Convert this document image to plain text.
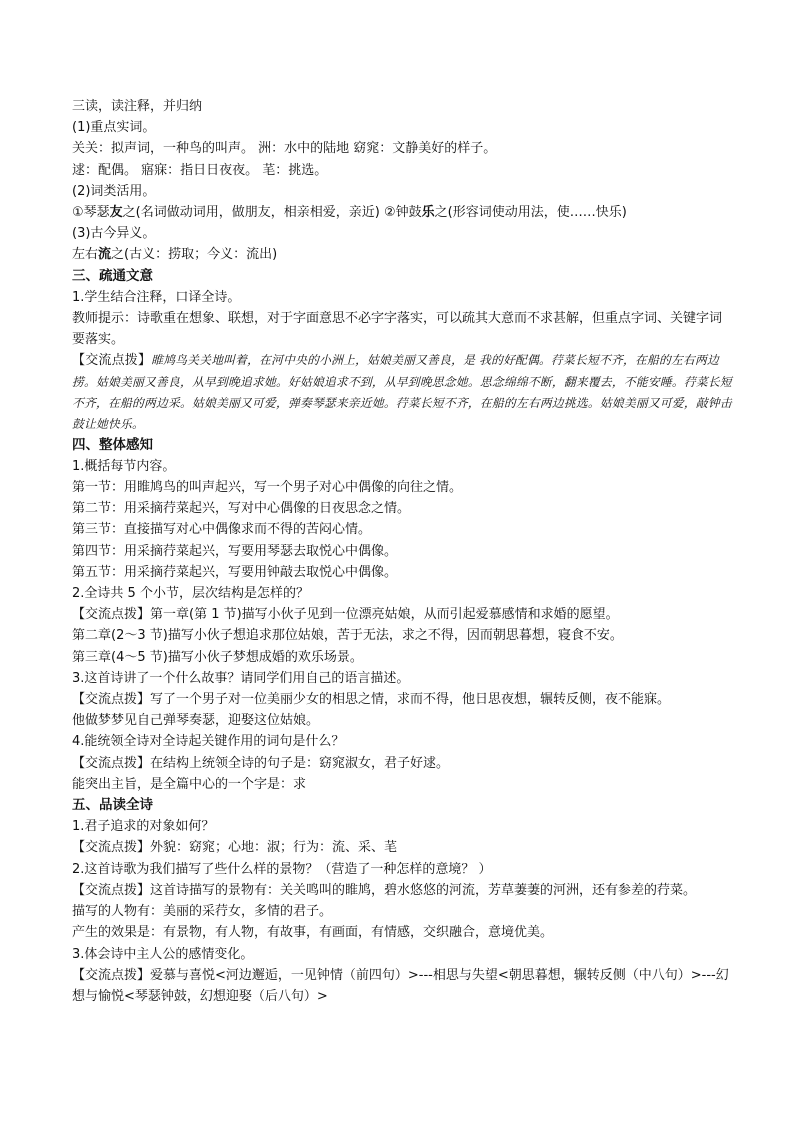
三读，读注释，并归纳

(1)重点实词。

关关：拟声词，一种鸟的叫声。 洲：水中的陆地 窈窕：文静美好的样子。

逑：配偶。 寤寐：指日日夜夜。 芼：挑选。

(2)词类活用。

①琴瑟友之(名词做动词用，做朋友，相亲相爱，亲近) ②钟鼓乐之(形容词使动用法，使……快乐)

(3)古今异义。

左右流之(古义：捞取；今义：流出)

三、疏通文意

1.学生结合注释，口译全诗。

教师提示：诗歌重在想象、联想，对于字面意思不必字字落实，可以疏其大意而不求甚解，但重点字词、关键字词要落实。

【交流点拨】睢鸠鸟关关地叫着，在河中央的小洲上，姑娘美丽又善良，是 我的好配偶。荇菜长短不齐，在船的左右两边捞。姑娘美丽又善良，从早到晚追求她。好姑娘追求不到，从早到晚思念她。思念绵绵不断，翻来覆去，不能安睡。荇菜长短不齐，在船的两边采。姑娘美丽又可爱，弹奏琴瑟来亲近她。荇菜长短不齐，在船的左右两边挑选。姑娘美丽又可爱，敲钟击鼓让她快乐。

四、整体感知

1.概括每节内容。

第一节：用睢鸠鸟的叫声起兴，写一个男子对心中偶像的向往之情。

第二节：用采摘荇菜起兴，写对中心偶像的日夜思念之情。

第三节：直接描写对心中偶像求而不得的苦闷心情。

第四节：用采摘荇菜起兴，写要用琴瑟去取悦心中偶像。

第五节：用采摘荇菜起兴，写要用钟敲去取悦心中偶像。

2.全诗共 5 个小节，层次结构是怎样的？

【交流点拨】第一章(第 1 节)描写小伙子见到一位漂亮姑娘，从而引起爱慕感情和求婚的愿望。

第二章(2～3 节)描写小伙子想追求那位姑娘，苦于无法，求之不得，因而朝思暮想，寝食不安。

第三章(4～5 节)描写小伙子梦想成婚的欢乐场景。

3.这首诗讲了一个什么故事？请同学们用自己的语言描述。

【交流点拨】写了一个男子对一位美丽少女的相思之情，求而不得，他日思夜想，辗转反侧，夜不能寐。

他做梦梦见自己弹琴奏瑟，迎娶这位姑娘。

4.能统领全诗对全诗起关键作用的词句是什么？

【交流点拨】在结构上统领全诗的句子是：窈窕淑女，君子好逑。

能突出主旨，是全篇中心的一个字是：求

五、品读全诗

1.君子追求的对象如何？

【交流点拨】外貌：窈窕；心地：淑；行为：流、采、芼

2.这首诗歌为我们描写了些什么样的景物？（营造了一种怎样的意境？ ）

【交流点拨】这首诗描写的景物有：关关鸣叫的睢鸠，碧水悠悠的河流，芳草萋萋的河洲，还有参差的荇菜。

描写的人物有：美丽的采荇女，多情的君子。

产生的效果是：有景物，有人物，有故事，有画面，有情感，交织融合，意境优美。

3.体会诗中主人公的感情变化。

【交流点拨】爱慕与喜悦<河边邂逅，一见钟情（前四句）>---相思与失望<朝思暮想，辗转反侧（中八句）>---幻想与愉悦<琴瑟钟鼓，幻想迎娶（后八句）>
